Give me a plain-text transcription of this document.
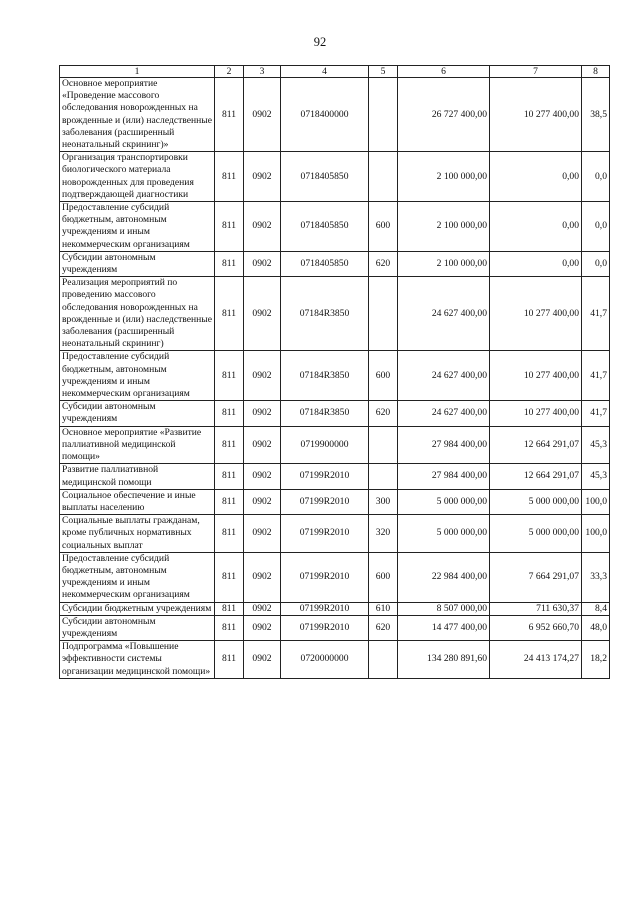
92
1	2	3	4	5	6	7	8
Основное мероприятие «Проведение массового обследования новорожденных на врожденные и (или) наследственные заболевания (расширенный неонатальный скрининг)»	811	0902	0718400000		26 727 400,00	10 277 400,00	38,5
Организация транспортировки биологического материала новорожденных для проведения подтверждающей диагностики	811	0902	0718405850		2 100 000,00	0,00	0,0
Предоставление субсидий бюджетным, автономным учреждениям и иным некоммерческим организациям	811	0902	0718405850	600	2 100 000,00	0,00	0,0
Субсидии автономным учреждениям	811	0902	0718405850	620	2 100 000,00	0,00	0,0
Реализация мероприятий по проведению массового обследования новорожденных на врожденные и (или) наследственные заболевания (расширенный неонатальный скрининг)	811	0902	07184R3850		24 627 400,00	10 277 400,00	41,7
Предоставление субсидий бюджетным, автономным учреждениям и иным некоммерческим организациям	811	0902	07184R3850	600	24 627 400,00	10 277 400,00	41,7
Субсидии автономным учреждениям	811	0902	07184R3850	620	24 627 400,00	10 277 400,00	41,7
Основное мероприятие «Развитие паллиативной медицинской помощи»	811	0902	0719900000		27 984 400,00	12 664 291,07	45,3
Развитие паллиативной медицинской помощи	811	0902	07199R2010		27 984 400,00	12 664 291,07	45,3
Социальное обеспечение и иные выплаты населению	811	0902	07199R2010	300	5 000 000,00	5 000 000,00	100,0
Социальные выплаты гражданам, кроме публичных нормативных социальных выплат	811	0902	07199R2010	320	5 000 000,00	5 000 000,00	100,0
Предоставление субсидий бюджетным, автономным учреждениям и иным некоммерческим организациям	811	0902	07199R2010	600	22 984 400,00	7 664 291,07	33,3
Субсидии бюджетным учреждениям	811	0902	07199R2010	610	8 507 000,00	711 630,37	8,4
Субсидии автономным учреждениям	811	0902	07199R2010	620	14 477 400,00	6 952 660,70	48,0
Подпрограмма «Повышение эффективности системы организации медицинской помощи»	811	0902	0720000000		134 280 891,60	24 413 174,27	18,2
